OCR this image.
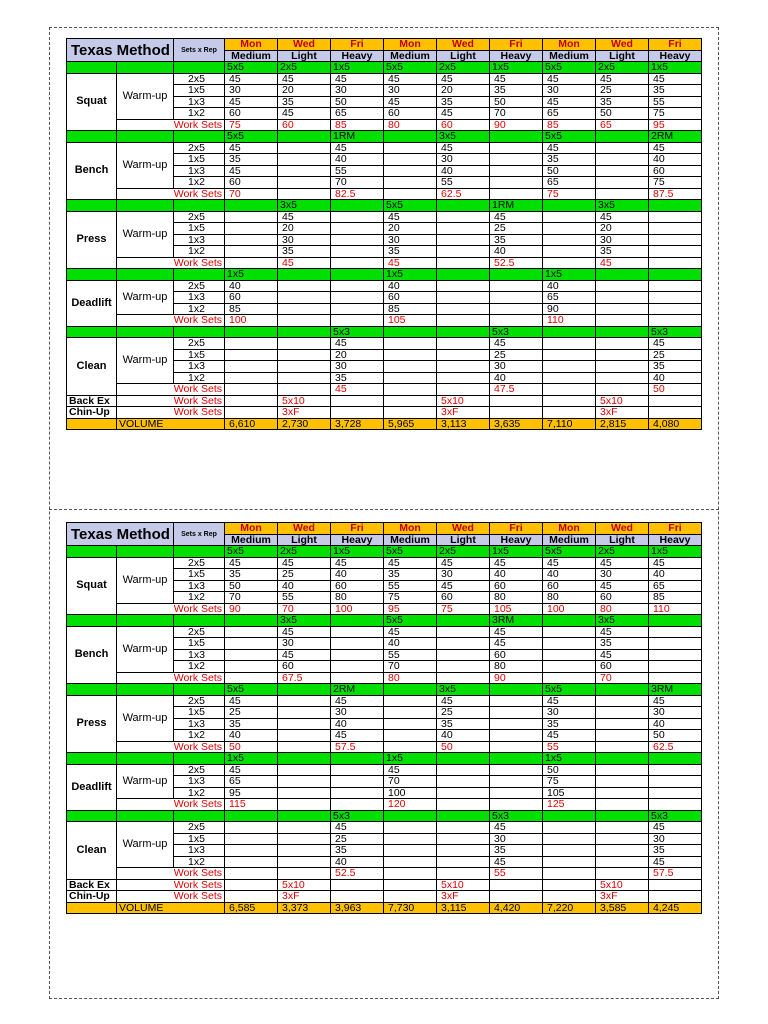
Texas Method		Sets x Rep	Mon	Wed	Fri	Mon	Wed	Fri	Mon	Wed	Fri
			Medium	Light	Heavy	Medium	Light	Heavy	Medium	Light	Heavy
			5x5	2x5	1x5	5x5	2x5	1x5	5x5	2x5	1x5
Squat	Warm-up	2x5	45	45	45	45	45	45	45	45	45
		1x5	30	20	30	30	20	35	30	25	35
		1x3	45	35	50	45	35	50	45	35	55
		1x2	60	45	65	60	45	70	65	50	75
	Work Sets		75	60	85	80	60	90	85	65	95
			5x5		1RM		3x5		5x5		2RM
Bench	Warm-up	2x5	45		45		45		45		45
		1x5	35		40		30		35		40
		1x3	45		55		40		50		60
		1x2	60		70		55		65		75
	Work Sets		70		82.5		62.5		75		87.5
				3x5		5x5		1RM		3x5	
Press	Warm-up	2x5		45		45		45		45	
		1x5		20		20		25		20	
		1x3		30		30		35		30	
		1x2		35		35		40		35	
	Work Sets			45		45		52.5		45	
			1x5			1x5			1x5		
Deadlift	Warm-up	2x5	40			40			40		
		1x3	60			60			65		
		1x2	85			85			90		
	Work Sets		100			105			110		
					5x3			5x3			5x3
Clean	Warm-up	2x5			45			45			45
		1x5			20			25			25
		1x3			30			30			35
		1x2			35			40			40
	Work Sets				45			47.5			50
Back Ex	Work Sets			5x10			5x10			5x10	
Chin-Up	Work Sets			3xF			3xF			3xF	
	VOLUME		6,610	2,730	3,728	5,965	3,113	3,635	7,110	2,815	4,080
Texas Method		Sets x Rep	Mon	Wed	Fri	Mon	Wed	Fri	Mon	Wed	Fri
			Medium	Light	Heavy	Medium	Light	Heavy	Medium	Light	Heavy
			5x5	2x5	1x5	5x5	2x5	1x5	5x5	2x5	1x5
Squat	Warm-up	2x5	45	45	45	45	45	45	45	45	45
		1x5	35	25	40	35	30	40	40	30	40
		1x3	50	40	60	55	45	60	60	45	65
		1x2	70	55	80	75	60	80	80	60	85
	Work Sets		90	70	100	95	75	105	100	80	110
				3x5		5x5		3RM		3x5	
Bench	Warm-up	2x5		45		45		45		45	
		1x5		30		40		45		35	
		1x3		45		55		60		45	
		1x2		60		70		80		60	
	Work Sets			67.5		80		90		70	
			5x5		2RM		3x5		5x5		3RM
Press	Warm-up	2x5	45		45		45		45		45
		1x5	25		30		25		30		30
		1x3	35		40		35		35		40
		1x2	40		45		40		45		50
	Work Sets		50		57.5		50		55		62.5
			1x5			1x5			1x5		
Deadlift	Warm-up	2x5	45			45			50		
		1x3	65			70			75		
		1x2	95			100			105		
	Work Sets		115			120			125		
					5x3			5x3			5x3
Clean	Warm-up	2x5			45			45			45
		1x5			25			30			30
		1x3			35			35			35
		1x2			40			45			45
	Work Sets				52.5			55			57.5
Back Ex	Work Sets			5x10			5x10			5x10	
Chin-Up	Work Sets			3xF			3xF			3xF	
	VOLUME		6,585	3,373	3,963	7,730	3,115	4,420	7,220	3,585	4,245
